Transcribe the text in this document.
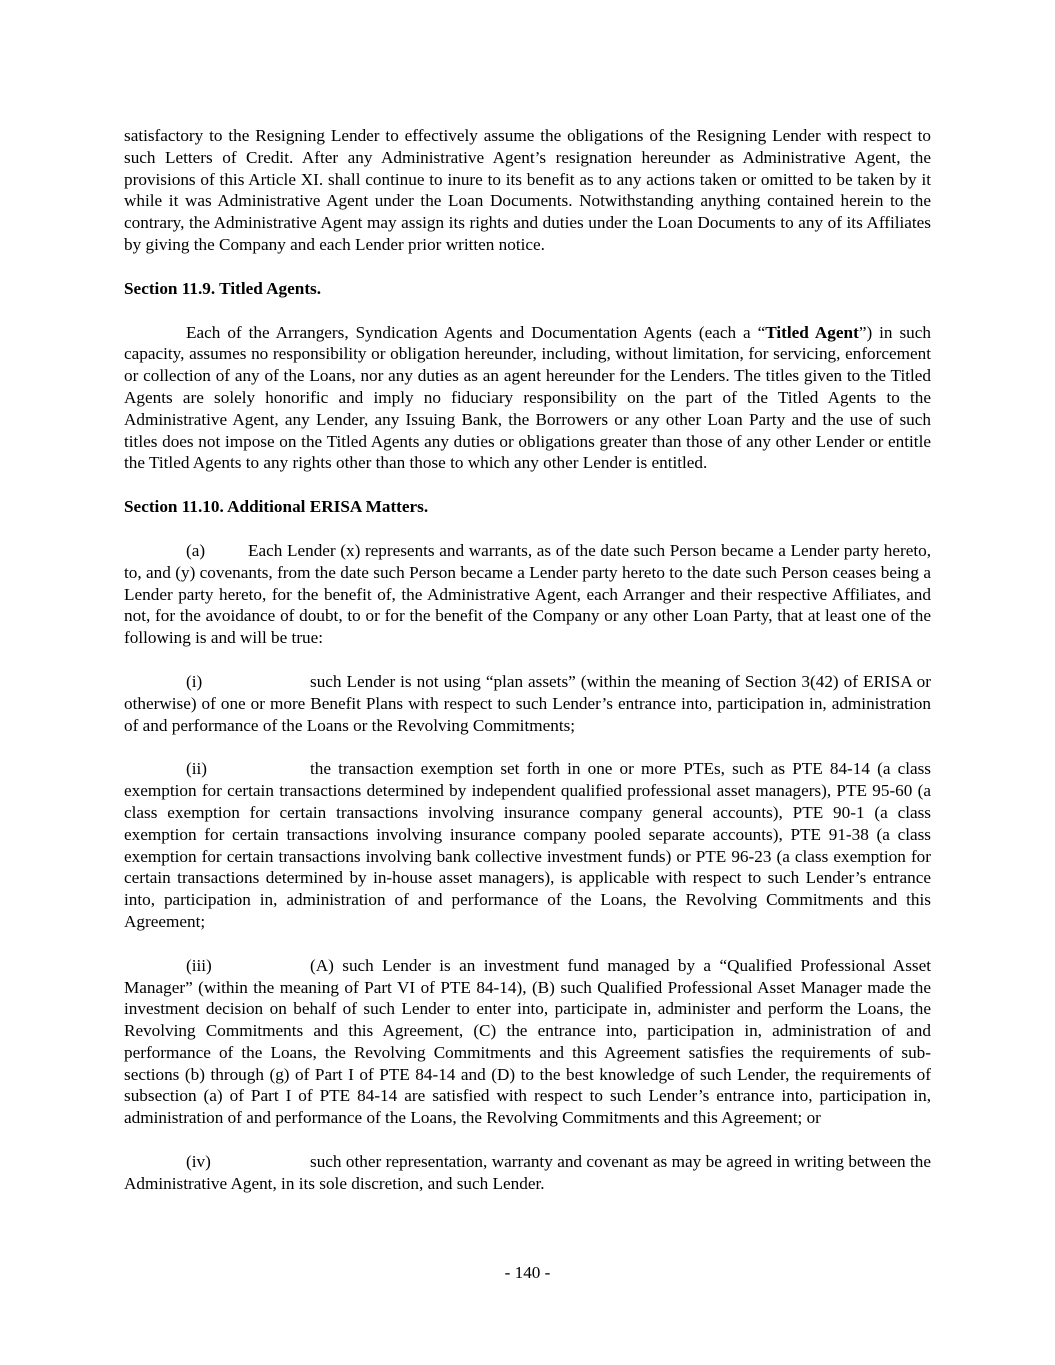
satisfactory to the Resigning Lender to effectively assume the obligations of the Resigning Lender with respect to such Letters of Credit. After any Administrative Agent’s resignation hereunder as Administrative Agent, the provisions of this Article XI. shall continue to inure to its benefit as to any actions taken or omitted to be taken by it while it was Administrative Agent under the Loan Documents. Notwithstanding anything contained herein to the contrary, the Administrative Agent may assign its rights and duties under the Loan Documents to any of its Affiliates by giving the Company and each Lender prior written notice.

Section 11.9. Titled Agents.

Each of the Arrangers, Syndication Agents and Documentation Agents (each a “Titled Agent”) in such capacity, assumes no responsibility or obligation hereunder, including, without limitation, for servicing, enforcement or collection of any of the Loans, nor any duties as an agent hereunder for the Lenders. The titles given to the Titled Agents are solely honorific and imply no fiduciary responsibility on the part of the Titled Agents to the Administrative Agent, any Lender, any Issuing Bank, the Borrowers or any other Loan Party and the use of such titles does not impose on the Titled Agents any duties or obligations greater than those of any other Lender or entitle the Titled Agents to any rights other than those to which any other Lender is entitled.

Section 11.10. Additional ERISA Matters.

(a) Each Lender (x) represents and warrants, as of the date such Person became a Lender party hereto, to, and (y) covenants, from the date such Person became a Lender party hereto to the date such Person ceases being a Lender party hereto, for the benefit of, the Administrative Agent, each Arranger and their respective Affiliates, and not, for the avoidance of doubt, to or for the benefit of the Company or any other Loan Party, that at least one of the following is and will be true:

(i)	such Lender is not using “plan assets” (within the meaning of Section 3(42) of ERISA or otherwise) of one or more Benefit Plans with respect to such Lender’s entrance into, participation in, administration of and performance of the Loans or the Revolving Commitments;

(ii)	the transaction exemption set forth in one or more PTEs, such as PTE 84-14 (a class exemption for certain transactions determined by independent qualified professional asset managers), PTE 95-60 (a class exemption for certain transactions involving insurance company general accounts), PTE 90-1 (a class exemption for certain transactions involving insurance company pooled separate accounts), PTE 91-38 (a class exemption for certain transactions involving bank collective investment funds) or PTE 96-23 (a class exemption for certain transactions determined by in-house asset managers), is applicable with respect to such Lender’s entrance into, participation in, administration of and performance of the Loans, the Revolving Commitments and this Agreement;

(iii)	(A) such Lender is an investment fund managed by a “Qualified Professional Asset Manager” (within the meaning of Part VI of PTE 84-14), (B) such Qualified Professional Asset Manager made the investment decision on behalf of such Lender to enter into, participate in, administer and perform the Loans, the Revolving Commitments and this Agreement, (C) the entrance into, participation in, administration of and performance of the Loans, the Revolving Commitments and this Agreement satisfies the requirements of sub-sections (b) through (g) of Part I of PTE 84-14 and (D) to the best knowledge of such Lender, the requirements of subsection (a) of Part I of PTE 84-14 are satisfied with respect to such Lender’s entrance into, participation in, administration of and performance of the Loans, the Revolving Commitments and this Agreement; or

(iv)	such other representation, warranty and covenant as may be agreed in writing between the Administrative Agent, in its sole discretion, and such Lender.

- 140 -
